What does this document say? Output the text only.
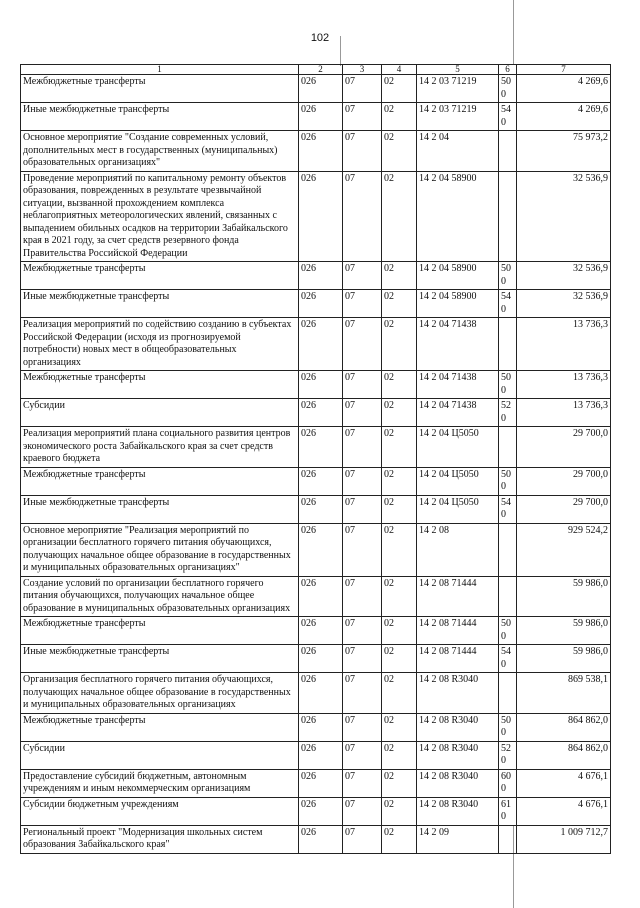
102
1	2	3	4	5	6	7
Межбюджетные трансферты	026	07	02	14 2 03 71219	500	4 269,6
Иные межбюджетные трансферты	026	07	02	14 2 03 71219	540	4 269,6
Основное мероприятие "Создание современных условий, дополнительных мест в государственных (муниципальных) образовательных организациях"	026	07	02	14 2 04		75 973,2
Проведение мероприятий по капитальному ремонту объектов образования, поврежденных в результате чрезвычайной ситуации, вызванной прохождением комплекса неблагоприятных метеорологических явлений, связанных с выпадением обильных осадков на территории Забайкальского края в 2021 году, за счет средств резервного фонда Правительства Российской Федерации	026	07	02	14 2 04 58900		32 536,9
Межбюджетные трансферты	026	07	02	14 2 04 58900	500	32 536,9
Иные межбюджетные трансферты	026	07	02	14 2 04 58900	540	32 536,9
Реализация мероприятий по содействию созданию в субъектах Российской Федерации (исходя из прогнозируемой потребности) новых мест в общеобразовательных организациях	026	07	02	14 2 04 71438		13 736,3
Межбюджетные трансферты	026	07	02	14 2 04 71438	500	13 736,3
Субсидии	026	07	02	14 2 04 71438	520	13 736,3
Реализация мероприятий плана социального развития центров экономического роста Забайкальского края за счет средств краевого бюджета	026	07	02	14 2 04 Ц5050		29 700,0
Межбюджетные трансферты	026	07	02	14 2 04 Ц5050	500	29 700,0
Иные межбюджетные трансферты	026	07	02	14 2 04 Ц5050	540	29 700,0
Основное мероприятие "Реализация мероприятий по организации бесплатного горячего питания обучающихся, получающих начальное общее образование в государственных и муниципальных образовательных организациях"	026	07	02	14 2 08		929 524,2
Создание условий по организации бесплатного горячего питания обучающихся, получающих начальное общее образование в муниципальных образовательных организациях	026	07	02	14 2 08 71444		59 986,0
Межбюджетные трансферты	026	07	02	14 2 08 71444	500	59 986,0
Иные межбюджетные трансферты	026	07	02	14 2 08 71444	540	59 986,0
Организация бесплатного горячего питания обучающихся, получающих начальное общее образование в государственных и муниципальных образовательных организациях	026	07	02	14 2 08 R3040		869 538,1
Межбюджетные трансферты	026	07	02	14 2 08 R3040	500	864 862,0
Субсидии	026	07	02	14 2 08 R3040	520	864 862,0
Предоставление субсидий бюджетным, автономным учреждениям и иным некоммерческим организациям	026	07	02	14 2 08 R3040	600	4 676,1
Субсидии бюджетным учреждениям	026	07	02	14 2 08 R3040	610	4 676,1
Региональный проект "Модернизация школьных систем образования Забайкальского края"	026	07	02	14 2 09		1 009 712,7
